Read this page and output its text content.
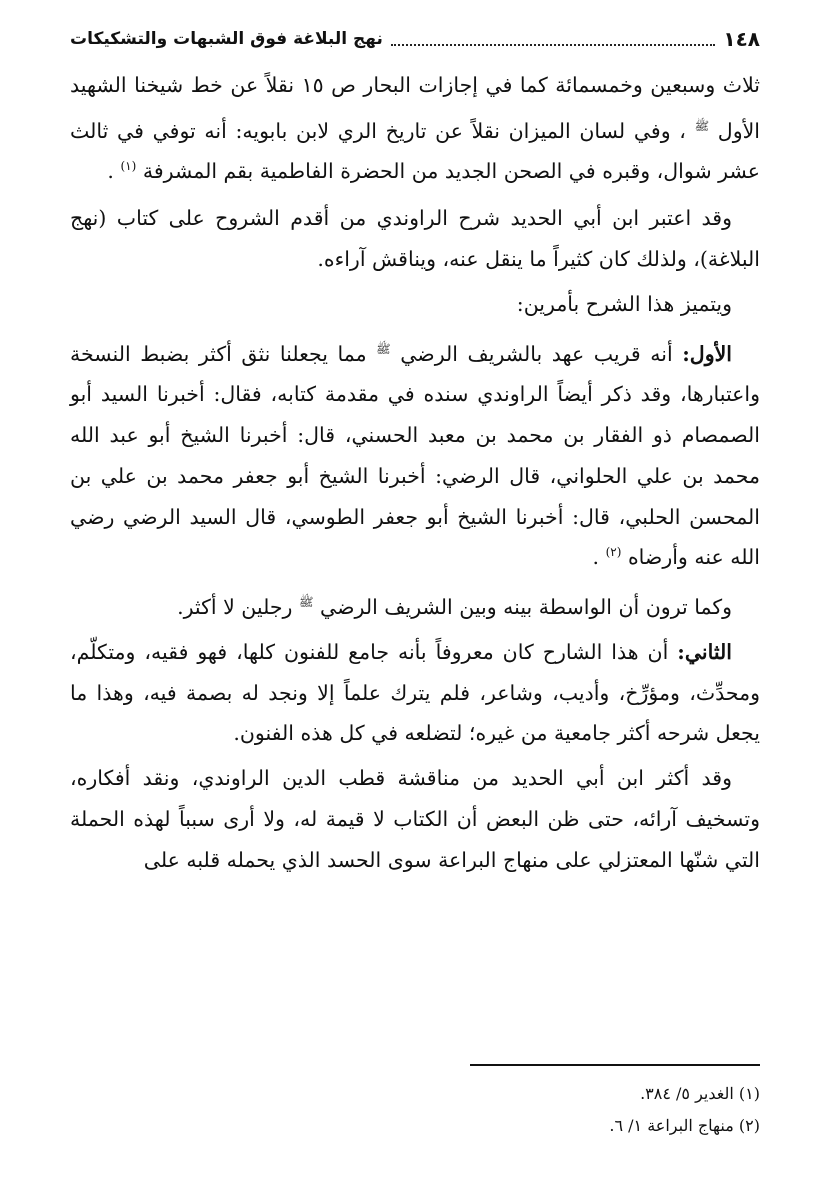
١٤٨
نهج البلاغة فوق الشبهات والتشكيكات

ثلاث وسبعين وخمسمائة كما في إجازات البحار ص ١٥ نقلاً عن خط شيخنا الشهيد الأول $^ﷺ$ ، وفي لسان الميزان نقلاً عن تاريخ الري لابن بابويه: أنه توفي في ثالث عشر شوال، وقبره في الصحن الجديد من الحضرة الفاطمية بقم المشرفة $^{(١)}$ .

وقد اعتبر ابن أبي الحديد شرح الراوندي من أقدم الشروح على كتاب (نهج البلاغة)، ولذلك كان كثيراً ما ينقل عنه، ويناقش آراءه.

ويتميز هذا الشرح بأمرين:

الأول: أنه قريب عهد بالشريف الرضي $^ﷺ$ مما يجعلنا نثق أكثر بضبط النسخة واعتبارها، وقد ذكر أيضاً الراوندي سنده في مقدمة كتابه، فقال: أخبرنا السيد أبو الصمصام ذو الفقار بن محمد بن معبد الحسني، قال: أخبرنا الشيخ أبو عبد الله محمد بن علي الحلواني، قال الرضي: أخبرنا الشيخ أبو جعفر محمد بن علي بن المحسن الحلبي، قال: أخبرنا الشيخ أبو جعفر الطوسي، قال السيد الرضي رضي الله عنه وأرضاه $^{(٢)}$ .

وكما ترون أن الواسطة بينه وبين الشريف الرضي $^ﷺ$ رجلين لا أكثر.

الثاني: أن هذا الشارح كان معروفاً بأنه جامع للفنون كلها، فهو فقيه، ومتكلّم، ومحدِّث، ومؤرِّخ، وأديب، وشاعر، فلم يترك علماً إلا ونجد له بصمة فيه، وهذا ما يجعل شرحه أكثر جامعية من غيره؛ لتضلعه في كل هذه الفنون.

وقد أكثر ابن أبي الحديد من مناقشة قطب الدين الراوندي، ونقد أفكاره، وتسخيف آرائه، حتى ظن البعض أن الكتاب لا قيمة له، ولا أرى سبباً لهذه الحملة التي شنّها المعتزلي على منهاج البراعة سوى الحسد الذي يحمله قلبه على

(١) الغدير ٥/ ٣٨٤.

(٢) منهاج البراعة ١/ ٦.
